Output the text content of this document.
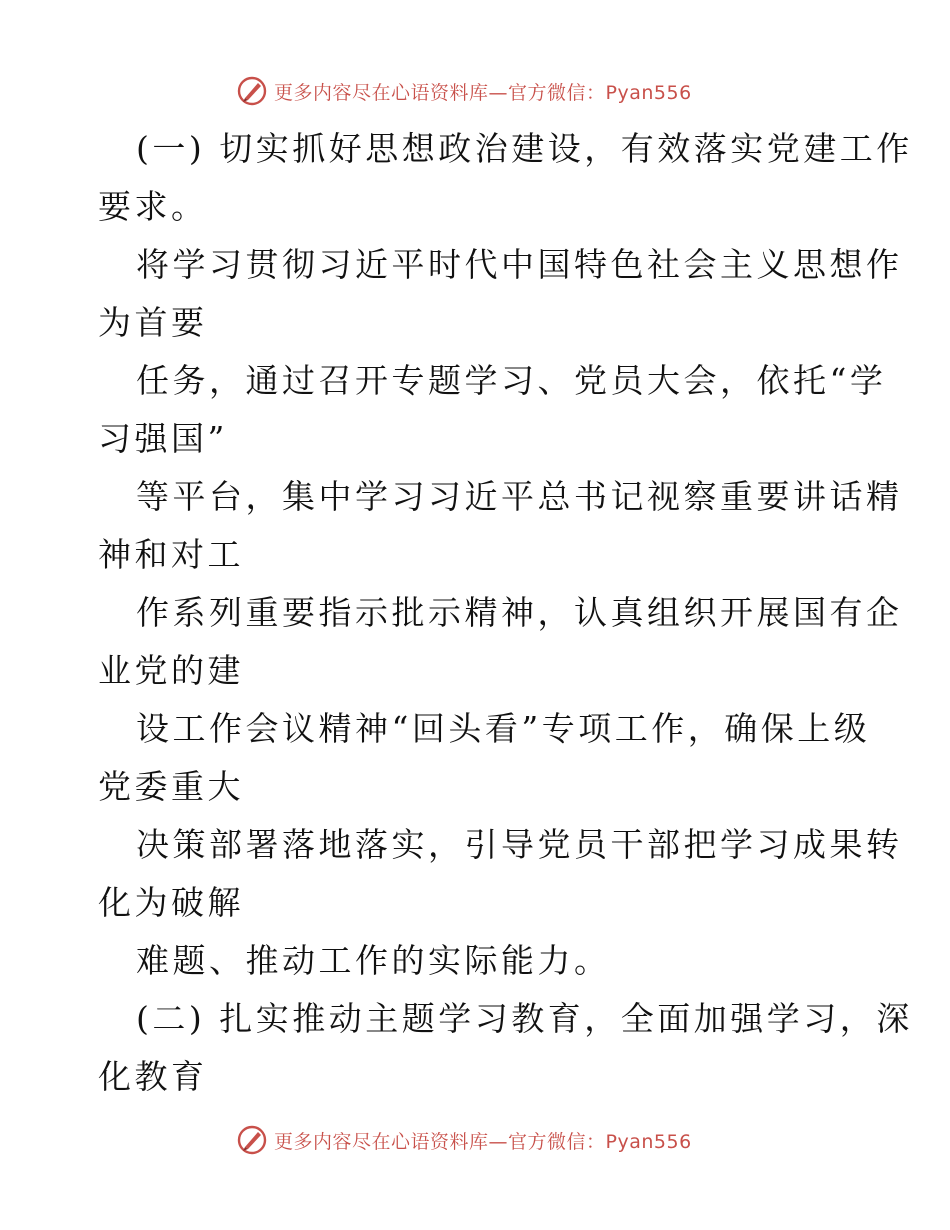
更多内容尽在心语资料库—官方微信：Pyan556
(一) 切实抓好思想政治建设，有效落实党建工作
要求。
将学习贯彻习近平时代中国特色社会主义思想作
为首要
任务，通过召开专题学习、党员大会，依托“学
习强国”
等平台，集中学习习近平总书记视察重要讲话精
神和对工
作系列重要指示批示精神，认真组织开展国有企
业党的建
设工作会议精神“回头看”专项工作，确保上级
党委重大
决策部署落地落实，引导党员干部把学习成果转
化为破解
难题、推动工作的实际能力。
(二) 扎实推动主题学习教育，全面加强学习，深
化教育
更多内容尽在心语资料库—官方微信：Pyan556
